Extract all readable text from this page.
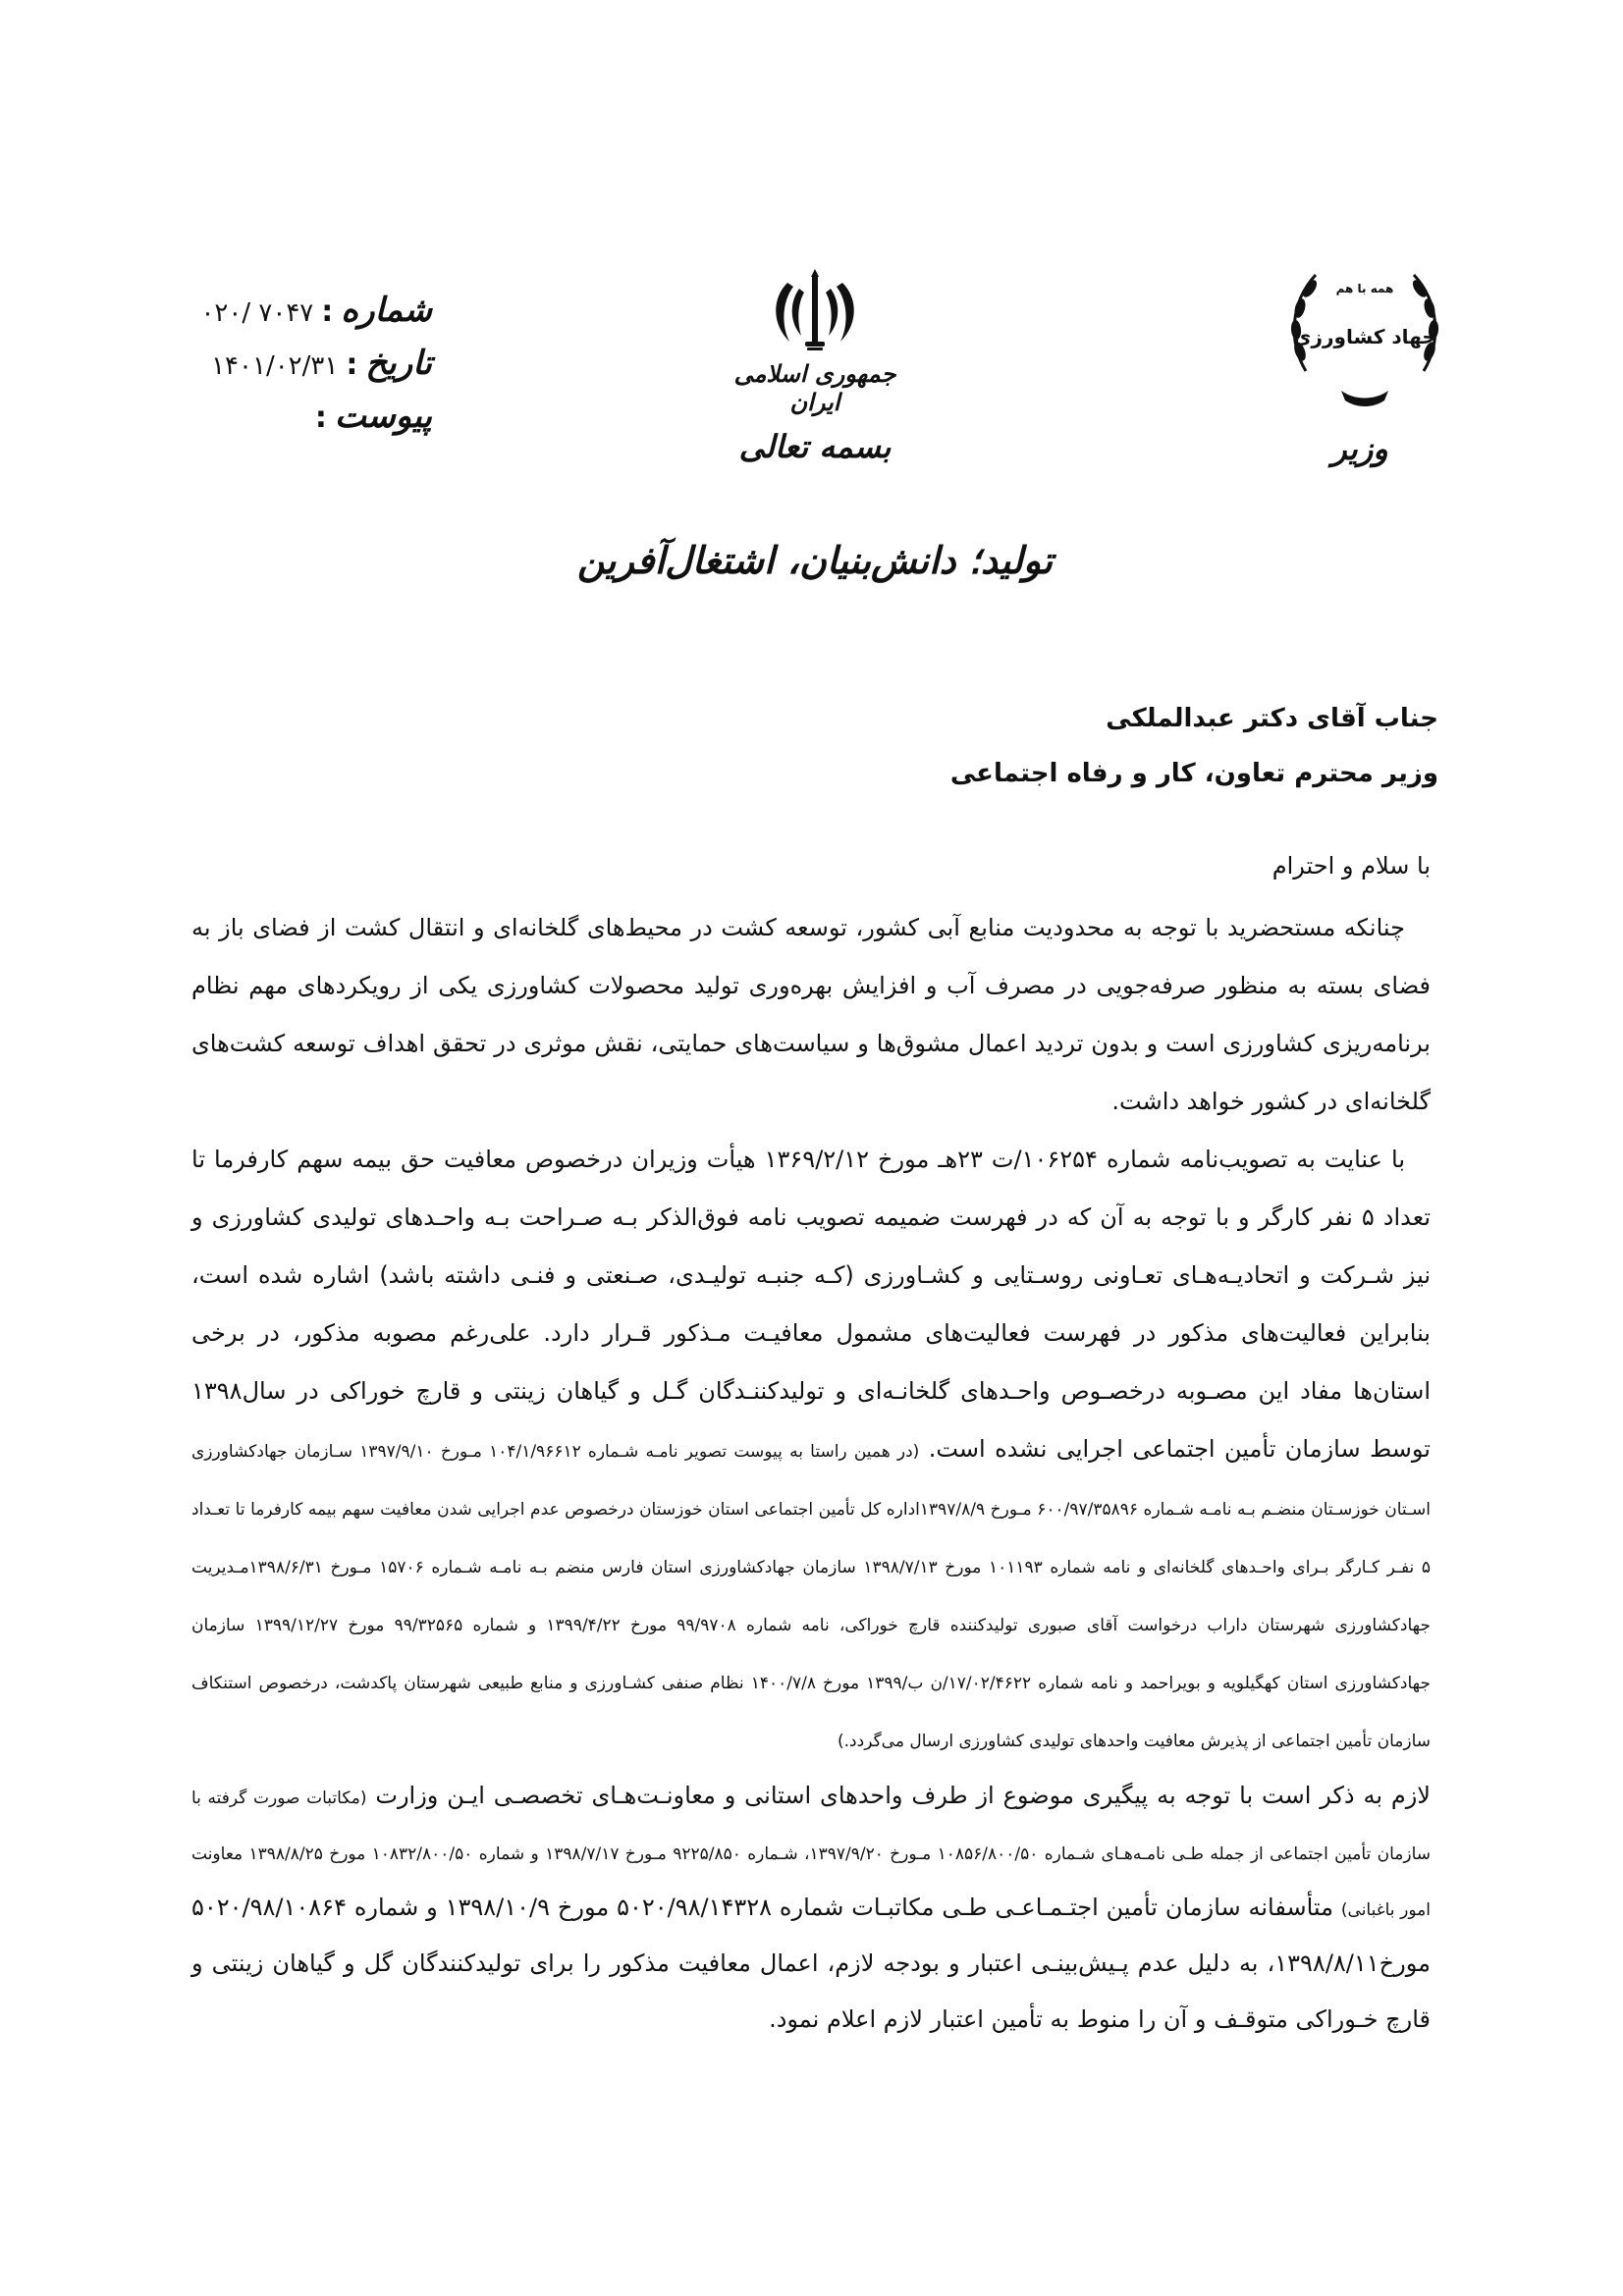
شماره
:
۰۲۰/ ۷۰۴۷
تاریخ
:
۱۴۰۱/۰۲/۳۱
پیوست
:
جمهوری اسلامی ایران
بسمه تعالی
همه با هم
جهاد کشاورزی
وزیر
تولید؛ دانش‌بنیان، اشتغال‌آفرین
جناب آقای دکتر عبدالملکی
وزیر محترم تعاون، کار و رفاه اجتماعی

با سلام و احترام

چنانکه مستحضرید با توجه به محدودیت منابع آبی کشور، توسعه کشت در محیط‌های گلخانه‌ای و انتقال کشت از فضای باز به فضای بسته به منظور صرفه‌جویی در مصرف آب و افزایش بهره‌وری تولید محصولات کشاورزی یکی از رویکردهای مهم نظام برنامه‌ریزی کشاورزی است و بدون تردید اعمال مشوق‌ها و سیاست‌های حمایتی، نقش موثری در تحقق اهداف توسعه کشت‌های گلخانه‌ای در کشور خواهد داشت.

با عنایت به تصویب‌نامه شماره ۱۰۶۲۵۴/ت ۲۳هـ مورخ ۱۳۶۹/۲/۱۲ هیأت وزیران درخصوص معافیت حق بیمه سهم کارفرما تا تعداد ۵ نفر کارگر و با توجه به آن که در فهرست ضمیمه تصویب نامه فوق‌الذکر بـه صـراحت بـه واحـدهای تولیدی کشاورزی و نیز شـرکت و اتحادیـه‌هـای تعـاونی روسـتایی و کشـاورزی (کـه جنبـه تولیـدی، صـنعتی و فنـی داشته باشد) اشاره شده است، بنابراین فعالیت‌های مذکور در فهرست فعالیت‌های مشمول معافیـت مـذکور قـرار دارد. علی‌رغم مصوبه مذکور، در برخی استان‌ها مفاد این مصـوبه درخصـوص واحـدهای گلخانـه‌ای و تولیدکننـدگان گـل و گیاهان زینتی و قارچ خوراکی در سال۱۳۹۸ توسط سازمان تأمین اجتماعی اجرایی نشده است. (در همین راستا به پیوست تصویر نامـه شـماره ۱۰۴/۱/۹۶۶۱۲ مـورخ ۱۳۹۷/۹/۱۰ سـازمان جهادکشاورزی اسـتان خوزسـتان منضـم بـه نامـه شـماره ۶۰۰/۹۷/۳۵۸۹۶ مـورخ ۱۳۹۷/۸/۹اداره کل تأمین اجتماعی استان خوزستان درخصوص عدم اجرایی شدن معافیت سهم بیمه کارفرما تا تعـداد ۵ نفـر کـارگر بـرای واحـدهای گلخانه‌ای و نامه شماره ۱۰۱۱۹۳ مورخ ۱۳۹۸/۷/۱۳ سازمان جهادکشاورزی استان فارس منضم بـه نامـه شـماره ۱۵۷۰۶ مـورخ ۱۳۹۸/۶/۳۱مـدیریت جهادکشاورزی شهرستان داراب درخواست آقای صبوری تولیدکننده قارچ خوراکی، نامه شماره ۹۹/۹۷۰۸ مورخ ۱۳۹۹/۴/۲۲ و شماره ۹۹/۳۲۵۶۵ مورخ ۱۳۹۹/۱۲/۲۷ سازمان جهادکشاورزی استان کهگیلویه و بویراحمد و نامه شماره ۱۷/۰۲/۴۶۲۲/ن ب/۱۳۹۹ مورخ ۱۴۰۰/۷/۸ نظام صنفی کشـاورزی و منابع طبیعی شهرستان پاکدشت، درخصوص استنکاف سازمان تأمین اجتماعی از پذیرش معافیت واحدهای تولیدی کشاورزی ارسال می‌گردد.)

لازم به ذکر است با توجه به پیگیری موضوع از طرف واحدهای استانی و معاونـت‌هـای تخصصـی ایـن وزارت (مکاتبات صورت گرفته با سازمان تأمین اجتماعی از جمله طـی نامـه‌هـای شـماره ۱۰۸۵۶/۸۰۰/۵۰ مـورخ ۱۳۹۷/۹/۲۰، شـماره ۹۲۲۵/۸۵۰ مـورخ ۱۳۹۸/۷/۱۷ و شماره ۱۰۸۳۲/۸۰۰/۵۰ مورخ ۱۳۹۸/۸/۲۵ معاونت امور باغبانی) متأسفانه سازمان تأمین اجتـمـاعـی طـی مکاتبـات شماره ۵۰۲۰/۹۸/۱۴۳۲۸ مورخ ۱۳۹۸/۱۰/۹ و شماره ۵۰۲۰/۹۸/۱۰۸۶۴ مورخ۱۳۹۸/۸/۱۱، به دلیل عدم پـیش‌بینـی اعتبار و بودجه لازم، اعمال معافیت مذکور را برای تولیدکنندگان گل و گیاهان زینتی و قارچ خـوراکی متوقـف و آن را منوط به تأمین اعتبار لازم اعلام نمود.
